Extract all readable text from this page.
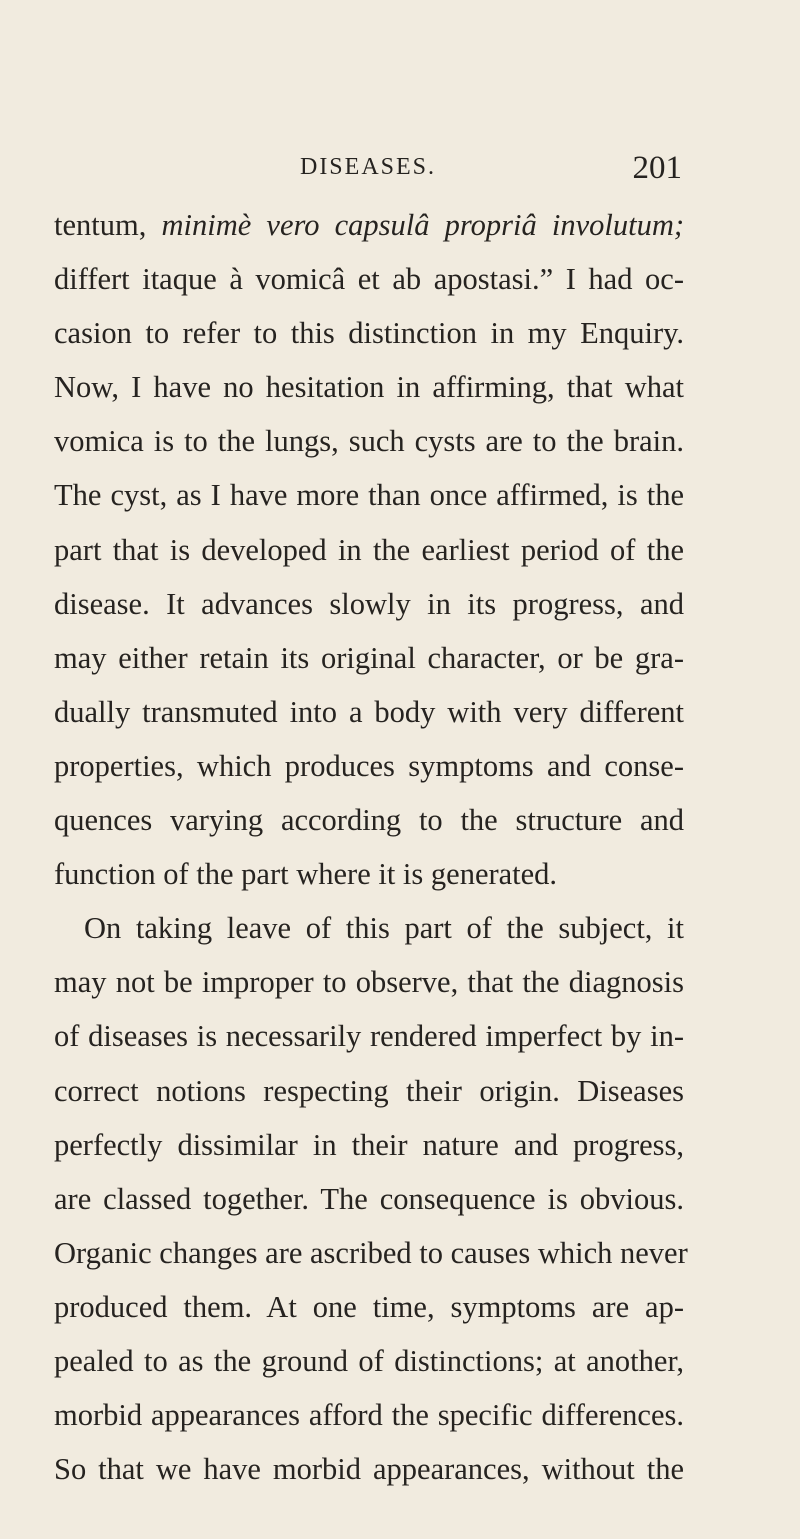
DISEASES.	201
tentum, minimè vero capsulâ propriâ involutum;
differt itaque à vomicâ et ab apostasi.” I had oc-
casion to refer to this distinction in my Enquiry.
Now, I have no hesitation in affirming, that what
vomica is to the lungs, such cysts are to the brain.
The cyst, as I have more than once affirmed, is the
part that is developed in the earliest period of the
disease. It advances slowly in its progress, and
may either retain its original character, or be gra-
dually transmuted into a body with very different
properties, which produces symptoms and conse-
quences varying according to the structure and
function of the part where it is generated.
On taking leave of this part of the subject, it
may not be improper to observe, that the diagnosis
of diseases is necessarily rendered imperfect by in-
correct notions respecting their origin. Diseases
perfectly dissimilar in their nature and progress,
are classed together. The consequence is obvious.
Organic changes are ascribed to causes which never
produced them. At one time, symptoms are ap-
pealed to as the ground of distinctions; at another,
morbid appearances afford the specific differences.
So that we have morbid appearances, without the
